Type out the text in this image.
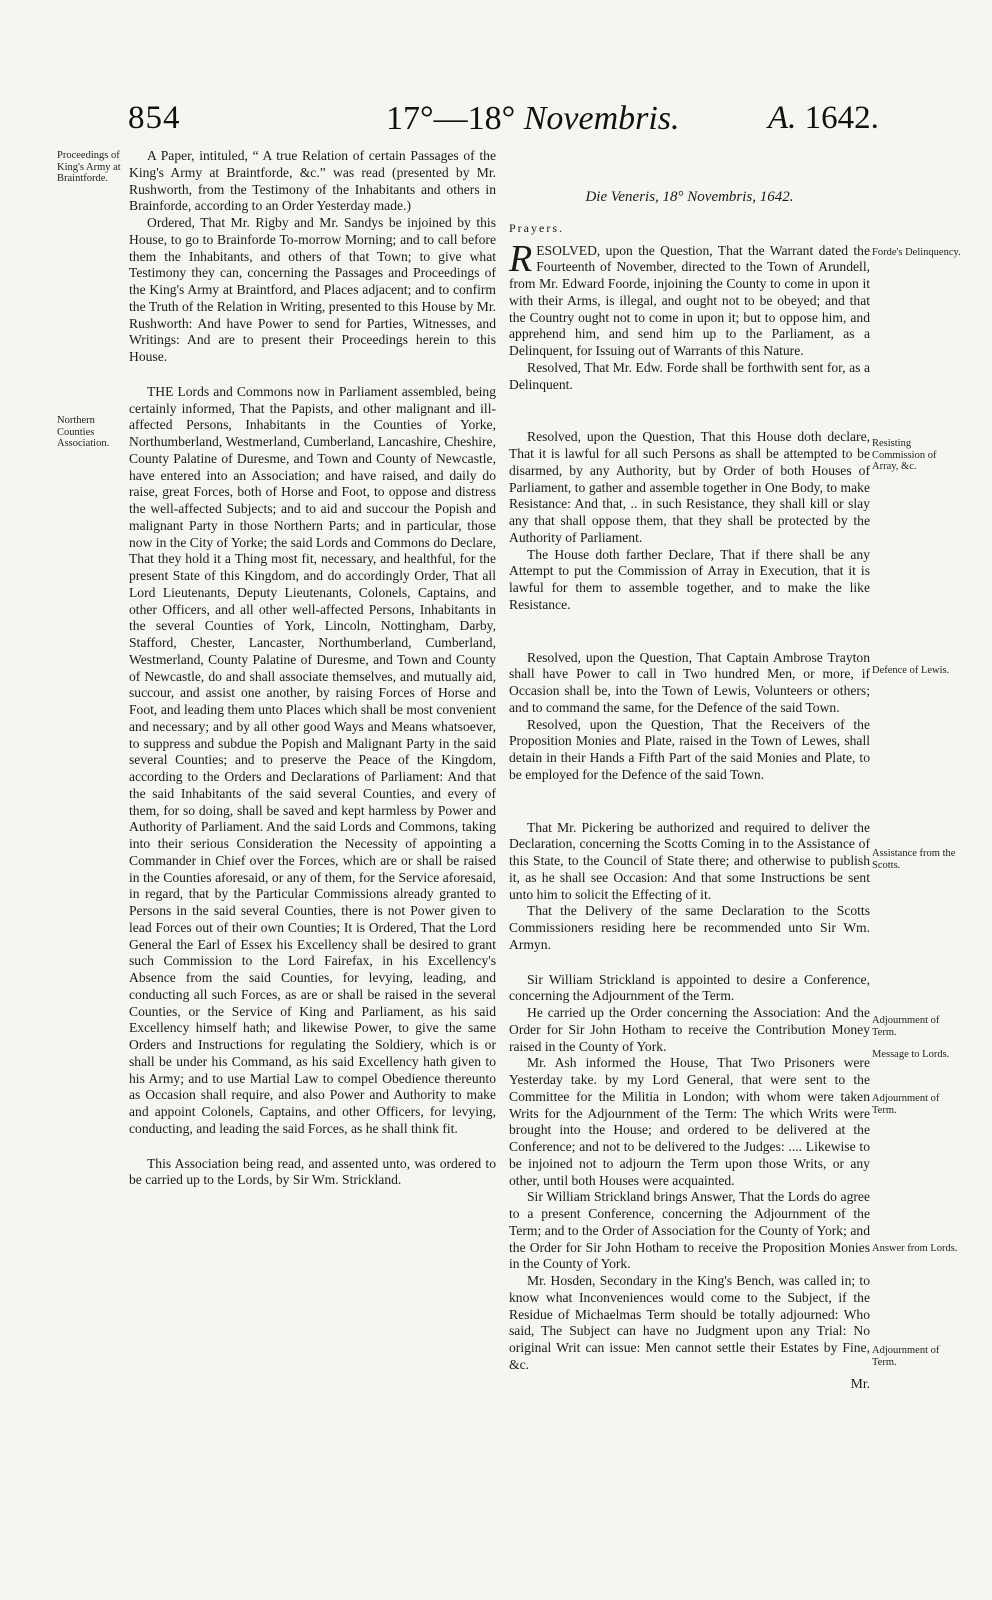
854	17°—18° Novembris.	A. 1642.
Proceedings of King's Army at Braintforde.
Northern Counties Association.

A Paper, intituled, “ A true Relation of certain Passages of the King's Army at Braintforde, &c.” was read (presented by Mr. Rushworth, from the Testimony of the Inhabitants and others in Brainforde, according to an Order Yesterday made.)

Ordered, That Mr. Rigby and Mr. Sandys be injoined by this House, to go to Brainforde To-morrow Morning; and to call before them the Inhabitants, and others of that Town; to give what Testimony they can, concerning the Passages and Proceedings of the King's Army at Braintford, and Places adjacent; and to confirm the Truth of the Relation in Writing, presented to this House by Mr. Rushworth: And have Power to send for Parties, Witnesses, and Writings: And are to present their Proceedings herein to this House.

THE Lords and Commons now in Parliament assembled, being certainly informed, That the Papists, and other malignant and ill-affected Persons, Inhabitants in the Counties of Yorke, Northumberland, Westmerland, Cumberland, Lancashire, Cheshire, County Palatine of Duresme, and Town and County of Newcastle, have entered into an Association; and have raised, and daily do raise, great Forces, both of Horse and Foot, to oppose and distress the well-affected Subjects; and to aid and succour the Popish and malignant Party in those Northern Parts; and in particular, those now in the City of Yorke; the said Lords and Commons do Declare, That they hold it a Thing most fit, necessary, and healthful, for the present State of this Kingdom, and do accordingly Order, That all Lord Lieutenants, Deputy Lieutenants, Colonels, Captains, and other Officers, and all other well-affected Persons, Inhabitants in the several Counties of York, Lincoln, Nottingham, Darby, Stafford, Chester, Lancaster, Northumberland, Cumberland, Westmerland, County Palatine of Duresme, and Town and County of Newcastle, do and shall associate themselves, and mutually aid, succour, and assist one another, by raising Forces of Horse and Foot, and leading them unto Places which shall be most convenient and necessary; and by all other good Ways and Means whatsoever, to suppress and subdue the Popish and Malignant Party in the said several Counties; and to preserve the Peace of the Kingdom, according to the Orders and Declarations of Parliament: And that the said Inhabitants of the said several Counties, and every of them, for so doing, shall be saved and kept harmless by Power and Authority of Parliament. And the said Lords and Commons, taking into their serious Consideration the Necessity of appointing a Commander in Chief over the Forces, which are or shall be raised in the Counties aforesaid, or any of them, for the Service aforesaid, in regard, that by the Particular Commissions already granted to Persons in the said several Counties, there is not Power given to lead Forces out of their own Counties; It is Ordered, That the Lord General the Earl of Essex his Excellency shall be desired to grant such Commission to the Lord Fairefax, in his Excellency's Absence from the said Counties, for levying, leading, and conducting all such Forces, as are or shall be raised in the several Counties, or the Service of King and Parliament, as his said Excellency himself hath; and likewise Power, to give the same Orders and Instructions for regulating the Soldiery, which is or shall be under his Command, as his said Excellency hath given to his Army; and to use Martial Law to compel Obedience thereunto as Occasion shall require, and also Power and Authority to make and appoint Colonels, Captains, and other Officers, for levying, conducting, and leading the said Forces, as he shall think fit.

This Association being read, and assented unto, was ordered to be carried up to the Lords, by Sir Wm. Strickland.

Die Veneris, 18° Novembris, 1642.

Prayers.

RESOLVED, upon the Question, That the Warrant dated the Fourteenth of November, directed to the Town of Arundell, from Mr. Edward Foorde, injoining the County to come in upon it with their Arms, is illegal, and ought not to be obeyed; and that the Country ought not to come in upon it; but to oppose him, and apprehend him, and send him up to the Parliament, as a Delinquent, for Issuing out of Warrants of this Nature.

Resolved, That Mr. Edw. Forde shall be forthwith sent for, as a Delinquent.

Resolved, upon the Question, That this House doth declare, That it is lawful for all such Persons as shall be attempted to be disarmed, by any Authority, but by Order of both Houses of Parliament, to gather and assemble together in One Body, to make Resistance: And that, .. in such Resistance, they shall kill or slay any that shall oppose them, that they shall be protected by the Authority of Parliament.

The House doth farther Declare, That if there shall be any Attempt to put the Commission of Array in Execution, that it is lawful for them to assemble together, and to make the like Resistance.

Resolved, upon the Question, That Captain Ambrose Trayton shall have Power to call in Two hundred Men, or more, if Occasion shall be, into the Town of Lewis, Volunteers or others; and to command the same, for the Defence of the said Town.

Resolved, upon the Question, That the Receivers of the Proposition Monies and Plate, raised in the Town of Lewes, shall detain in their Hands a Fifth Part of the said Monies and Plate, to be employed for the Defence of the said Town.

That Mr. Pickering be authorized and required to deliver the Declaration, concerning the Scotts Coming in to the Assistance of this State, to the Council of State there; and otherwise to publish it, as he shall see Occasion: And that some Instructions be sent unto him to solicit the Effecting of it.

That the Delivery of the same Declaration to the Scotts Commissioners residing here be recommended unto Sir Wm. Armyn.

Sir William Strickland is appointed to desire a Conference, concerning the Adjournment of the Term.

He carried up the Order concerning the Association: And the Order for Sir John Hotham to receive the Contribution Money raised in the County of York.

Mr. Ash informed the House, That Two Prisoners were Yesterday take. by my Lord General, that were sent to the Committee for the Militia in London; with whom were taken Writs for the Adjournment of the Term: The which Writs were brought into the House; and ordered to be delivered at the Conference; and not to be delivered to the Judges: .... Likewise to be injoined not to adjourn the Term upon those Writs, or any other, until both Houses were acquainted.

Sir William Strickland brings Answer, That the Lords do agree to a present Conference, concerning the Adjournment of the Term; and to the Order of Association for the County of York; and the Order for Sir John Hotham to receive the Proposition Monies in the County of York.

Mr. Hosden, Secondary in the King's Bench, was called in; to know what Inconveniences would come to the Subject, if the Residue of Michaelmas Term should be totally adjourned: Who said, The Subject can have no Judgment upon any Trial: No original Writ can issue: Men cannot settle their Estates by Fine, &c.

Mr.
Forde's Delinquency.
Resisting Commission of Array, &c.
Defence of Lewis.
Assistance from the Scotts.
Adjournment of Term.
Message to Lords.
Adjournment of Term.
Answer from Lords.
Adjournment of Term.
